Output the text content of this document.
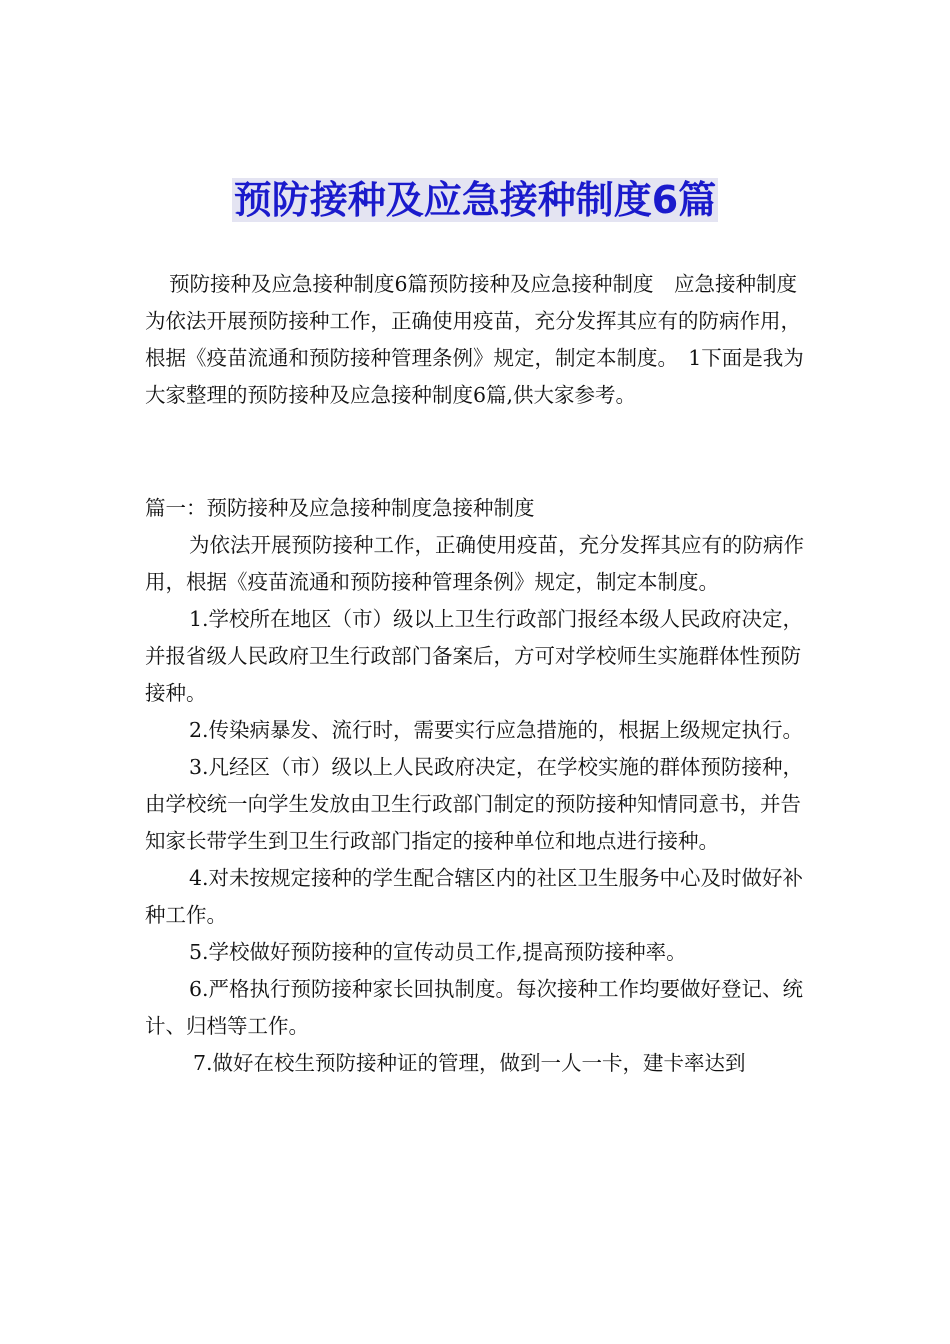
预防接种及应急接种制度6篇

预防接种及应急接种制度6篇预防接种及应急接种制度　应急接种制度　为依法开展预防接种工作，正确使用疫苗，充分发挥其应有的防病作用，根据《疫苗流通和预防接种管理条例》规定，制定本制度。　1下面是我为大家整理的预防接种及应急接种制度6篇,供大家参考。

篇一：预防接种及应急接种制度急接种制度

为依法开展预防接种工作，正确使用疫苗，充分发挥其应有的防病作用，根据《疫苗流通和预防接种管理条例》规定，制定本制度。

1.学校所在地区（市）级以上卫生行政部门报经本级人民政府决定，并报省级人民政府卫生行政部门备案后，方可对学校师生实施群体性预防接种。

2.传染病暴发、流行时，需要实行应急措施的，根据上级规定执行。

3.凡经区（市）级以上人民政府决定，在学校实施的群体预防接种，由学校统一向学生发放由卫生行政部门制定的预防接种知情同意书，并告知家长带学生到卫生行政部门指定的接种单位和地点进行接种。

4.对未按规定接种的学生配合辖区内的社区卫生服务中心及时做好补种工作。

5.学校做好预防接种的宣传动员工作,提高预防接种率。

6.严格执行预防接种家长回执制度。每次接种工作均要做好登记、统计、归档等工作。

7.做好在校生预防接种证的管理，做到一人一卡，建卡率达到
